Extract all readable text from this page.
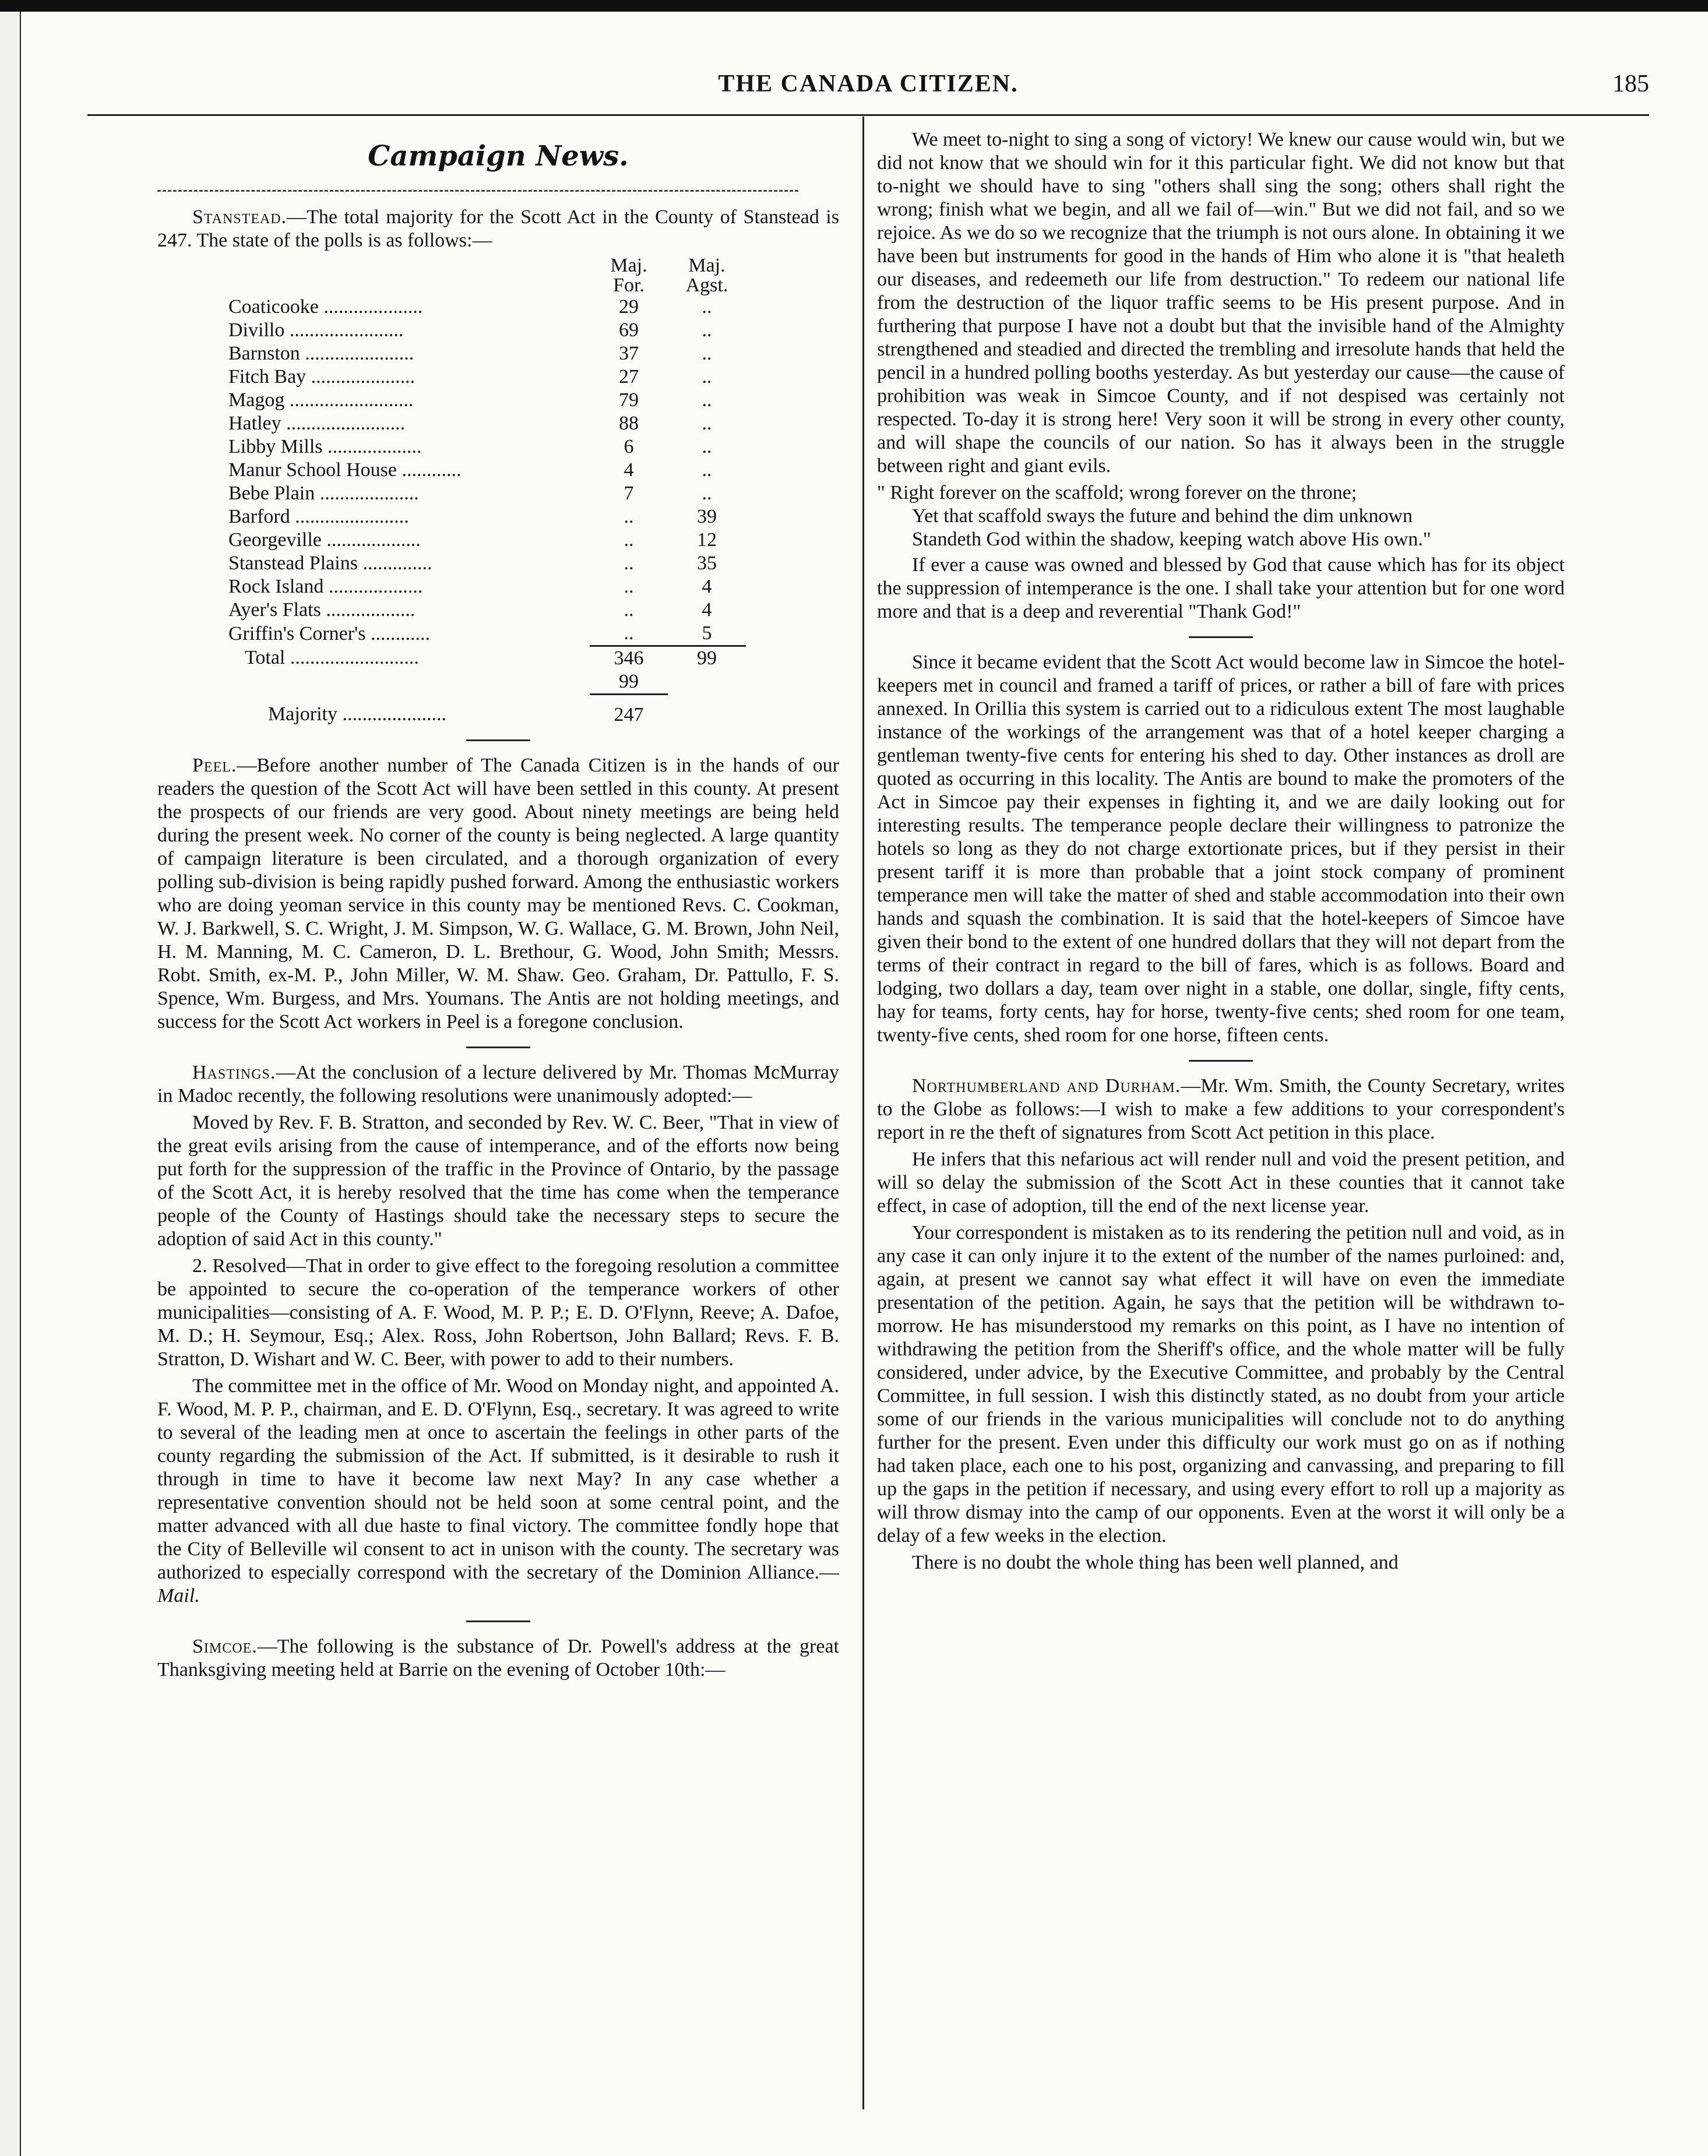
THE CANADA CITIZEN.	185
Campaign News.

Stanstead.—The total majority for the Scott Act in the County of Stanstead is 247. The state of the polls is as follows:—

	Maj. For.	Maj. Agst.
Coaticooke ....................	29	..
Divillo .......................	69	..
Barnston ......................	37	..
Fitch Bay .....................	27	..
Magog .........................	79	..
Hatley ........................	88	..
Libby Mills ...................	6	..
Manur School House ............	4	..
Bebe Plain ....................	7	..
Barford .......................	..	39
Georgeville ...................	..	12
Stanstead Plains ..............	..	35
Rock Island ...................	..	4
Ayer's Flats ..................	..	4
Griffin's Corner's ............	..	5
Total ..........................	346	99
	99	
Majority .....................	247	

Peel.—Before another number of The Canada Citizen is in the hands of our readers the question of the Scott Act will have been settled in this county. At present the prospects of our friends are very good. About ninety meetings are being held during the present week. No corner of the county is being neglected. A large quantity of campaign literature is been circulated, and a thorough organization of every polling sub-division is being rapidly pushed forward. Among the enthusiastic workers who are doing yeoman service in this county may be mentioned Revs. C. Cookman, W. J. Barkwell, S. C. Wright, J. M. Simpson, W. G. Wallace, G. M. Brown, John Neil, H. M. Manning, M. C. Cameron, D. L. Brethour, G. Wood, John Smith; Messrs. Robt. Smith, ex-M. P., John Miller, W. M. Shaw. Geo. Graham, Dr. Pattullo, F. S. Spence, Wm. Burgess, and Mrs. Youmans. The Antis are not holding meetings, and success for the Scott Act workers in Peel is a foregone conclusion.

Hastings.—At the conclusion of a lecture delivered by Mr. Thomas McMurray in Madoc recently, the following resolutions were unanimously adopted:—

Moved by Rev. F. B. Stratton, and seconded by Rev. W. C. Beer, "That in view of the great evils arising from the cause of intemperance, and of the efforts now being put forth for the suppression of the traffic in the Province of Ontario, by the passage of the Scott Act, it is hereby resolved that the time has come when the temperance people of the County of Hastings should take the necessary steps to secure the adoption of said Act in this county."

2. Resolved—That in order to give effect to the foregoing resolution a committee be appointed to secure the co-operation of the temperance workers of other municipalities—consisting of A. F. Wood, M. P. P.; E. D. O'Flynn, Reeve; A. Dafoe, M. D.; H. Seymour, Esq.; Alex. Ross, John Robertson, John Ballard; Revs. F. B. Stratton, D. Wishart and W. C. Beer, with power to add to their numbers.

The committee met in the office of Mr. Wood on Monday night, and appointed A. F. Wood, M. P. P., chairman, and E. D. O'Flynn, Esq., secretary. It was agreed to write to several of the leading men at once to ascertain the feelings in other parts of the county regarding the submission of the Act. If submitted, is it desirable to rush it through in time to have it become law next May? In any case whether a representative convention should not be held soon at some central point, and the matter advanced with all due haste to final victory. The committee fondly hope that the City of Belleville wil consent to act in unison with the county. The secretary was authorized to especially correspond with the secretary of the Dominion Alliance.—Mail.

Simcoe.—The following is the substance of Dr. Powell's address at the great Thanksgiving meeting held at Barrie on the evening of October 10th:—

We meet to-night to sing a song of victory! We knew our cause would win, but we did not know that we should win for it this particular fight. We did not know but that to-night we should have to sing "others shall sing the song; others shall right the wrong; finish what we begin, and all we fail of—win." But we did not fail, and so we rejoice. As we do so we recognize that the triumph is not ours alone. In obtaining it we have been but instruments for good in the hands of Him who alone it is "that healeth our diseases, and redeemeth our life from destruction." To redeem our national life from the destruction of the liquor traffic seems to be His present purpose. And in furthering that purpose I have not a doubt but that the invisible hand of the Almighty strengthened and steadied and directed the trembling and irresolute hands that held the pencil in a hundred polling booths yesterday. As but yesterday our cause—the cause of prohibition was weak in Simcoe County, and if not despised was certainly not respected. To-day it is strong here! Very soon it will be strong in every other county, and will shape the councils of our nation. So has it always been in the struggle between right and giant evils.

" Right forever on the scaffold; wrong forever on the throne;
Yet that scaffold sways the future and behind the dim unknown
Standeth God within the shadow, keeping watch above His own."

If ever a cause was owned and blessed by God that cause which has for its object the suppression of intemperance is the one. I shall take your attention but for one word more and that is a deep and reverential "Thank God!"

Since it became evident that the Scott Act would become law in Simcoe the hotel-keepers met in council and framed a tariff of prices, or rather a bill of fare with prices annexed. In Orillia this system is carried out to a ridiculous extent The most laughable instance of the workings of the arrangement was that of a hotel keeper charging a gentleman twenty-five cents for entering his shed to day. Other instances as droll are quoted as occurring in this locality. The Antis are bound to make the promoters of the Act in Simcoe pay their expenses in fighting it, and we are daily looking out for interesting results. The temperance people declare their willingness to patronize the hotels so long as they do not charge extortionate prices, but if they persist in their present tariff it is more than probable that a joint stock company of prominent temperance men will take the matter of shed and stable accommodation into their own hands and squash the combination. It is said that the hotel-keepers of Simcoe have given their bond to the extent of one hundred dollars that they will not depart from the terms of their contract in regard to the bill of fares, which is as follows. Board and lodging, two dollars a day, team over night in a stable, one dollar, single, fifty cents, hay for teams, forty cents, hay for horse, twenty-five cents; shed room for one team, twenty-five cents, shed room for one horse, fifteen cents.

Northumberland and Durham.—Mr. Wm. Smith, the County Secretary, writes to the Globe as follows:—I wish to make a few additions to your correspondent's report in re the theft of signatures from Scott Act petition in this place.

He infers that this nefarious act will render null and void the present petition, and will so delay the submission of the Scott Act in these counties that it cannot take effect, in case of adoption, till the end of the next license year.

Your correspondent is mistaken as to its rendering the petition null and void, as in any case it can only injure it to the extent of the number of the names purloined: and, again, at present we cannot say what effect it will have on even the immediate presentation of the petition. Again, he says that the petition will be withdrawn to-morrow. He has misunderstood my remarks on this point, as I have no intention of withdrawing the petition from the Sheriff's office, and the whole matter will be fully considered, under advice, by the Executive Committee, and probably by the Central Committee, in full session. I wish this distinctly stated, as no doubt from your article some of our friends in the various municipalities will conclude not to do anything further for the present. Even under this difficulty our work must go on as if nothing had taken place, each one to his post, organizing and canvassing, and preparing to fill up the gaps in the petition if necessary, and using every effort to roll up a majority as will throw dismay into the camp of our opponents. Even at the worst it will only be a delay of a few weeks in the election.

There is no doubt the whole thing has been well planned, and
